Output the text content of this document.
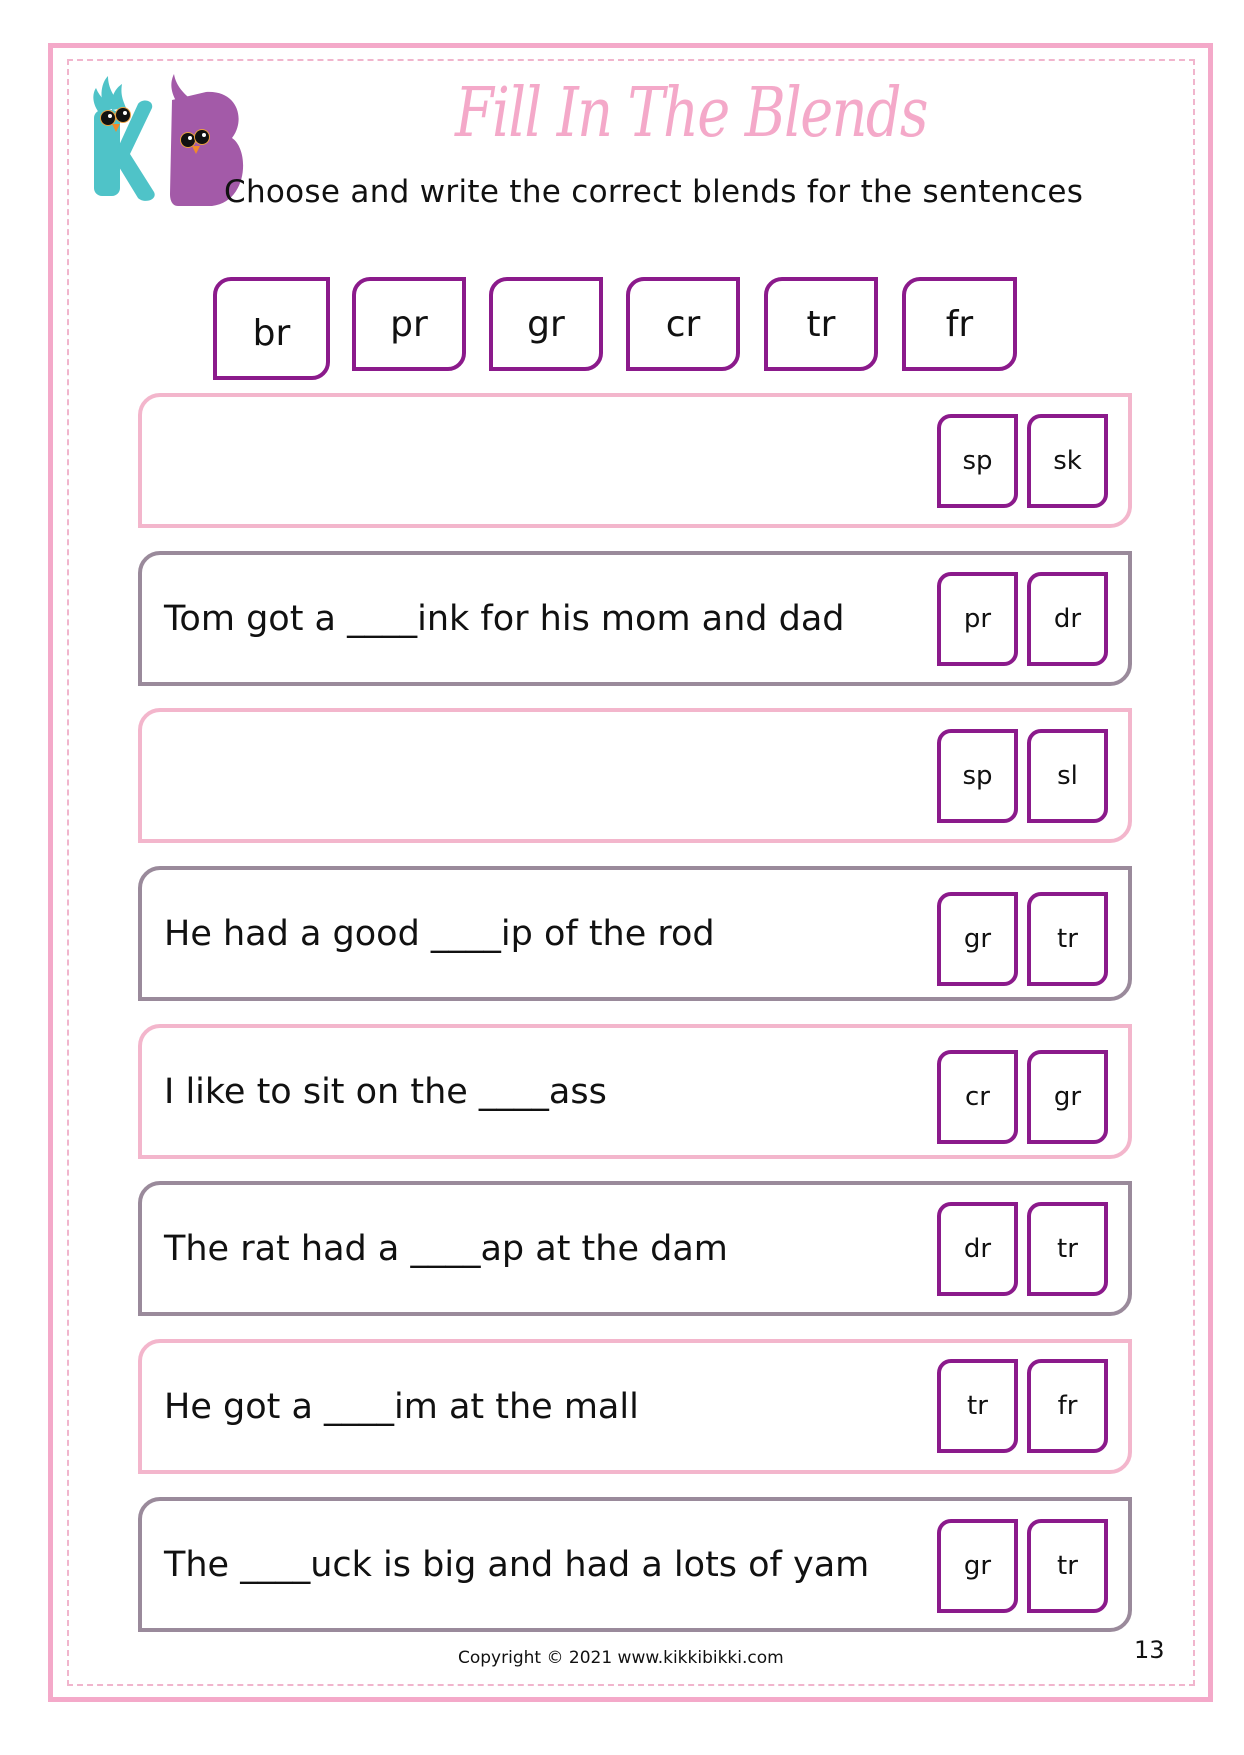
Fill In The Blends
Choose and write the correct blends for the sentences
br	pr	gr	cr	tr	fr
sp	sk
Tom got a ____ink for his mom and dad	pr	dr
sp	sl
He had a good ____ip of the rod	gr	tr
I like to sit on the ____ass	cr	gr
The rat had a ____ap at the dam	dr	tr
He got a ____im at the mall	tr	fr
The ____uck is big and had a lots of yam	gr	tr
Copyright © 2021 www.kikkibikki.com	13
